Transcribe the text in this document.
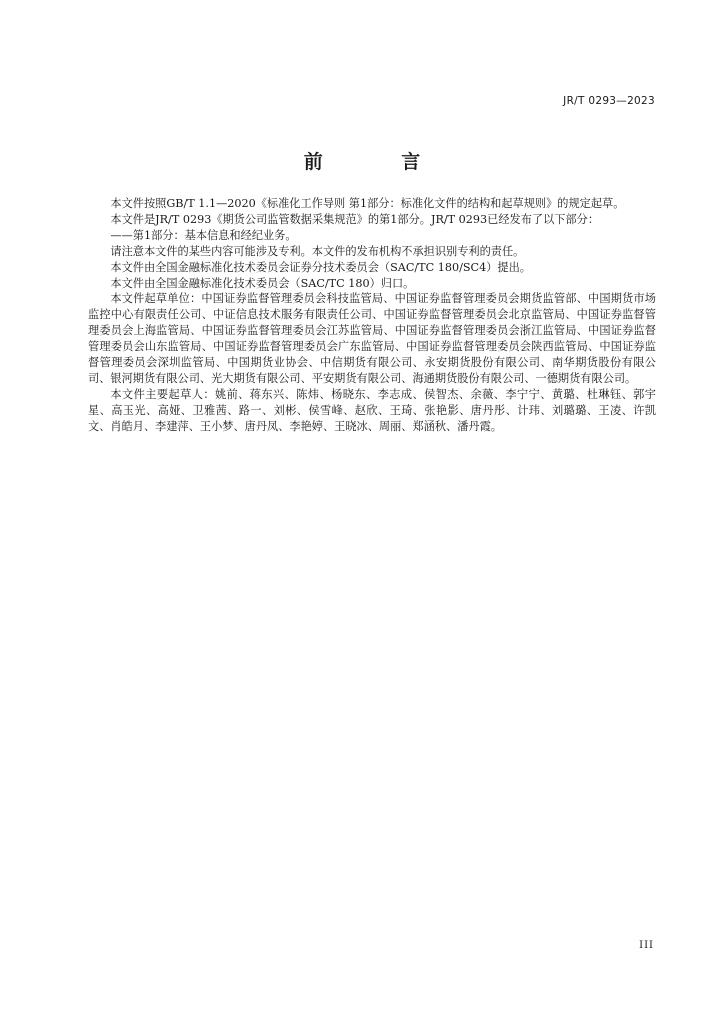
JR/T 0293—2023
前 言

本文件按照GB/T 1.1—2020《标准化工作导则 第1部分：标准化文件的结构和起草规则》的规定起草。

本文件是JR/T 0293《期货公司监管数据采集规范》的第1部分。JR/T 0293已经发布了以下部分：

——第1部分：基本信息和经纪业务。

请注意本文件的某些内容可能涉及专利。本文件的发布机构不承担识别专利的责任。

本文件由全国金融标准化技术委员会证券分技术委员会（SAC/TC 180/SC4）提出。

本文件由全国金融标准化技术委员会（SAC/TC 180）归口。

本文件起草单位：中国证券监督管理委员会科技监管局、中国证券监督管理委员会期货监管部、中国期货市场监控中心有限责任公司、中证信息技术服务有限责任公司、中国证券监督管理委员会北京监管局、中国证券监督管理委员会上海监管局、中国证券监督管理委员会江苏监管局、中国证券监督管理委员会浙江监管局、中国证券监督管理委员会山东监管局、中国证券监督管理委员会广东监管局、中国证券监督管理委员会陕西监管局、中国证券监督管理委员会深圳监管局、中国期货业协会、中信期货有限公司、永安期货股份有限公司、南华期货股份有限公司、银河期货有限公司、光大期货有限公司、平安期货有限公司、海通期货股份有限公司、一德期货有限公司。

本文件主要起草人：姚前、蒋东兴、陈炜、杨晓东、李志成、侯智杰、余薇、李宁宁、黄璐、杜琳钰、郭宇星、高玉光、高娅、卫雅茜、路一、刘彬、侯雪峰、赵欣、王琦、张艳影、唐丹彤、计玮、刘璐璐、王凌、许凯文、肖皓月、李建萍、王小梦、唐丹凤、李艳婷、王晓冰、周丽、郑涵秋、潘丹霞。

III
